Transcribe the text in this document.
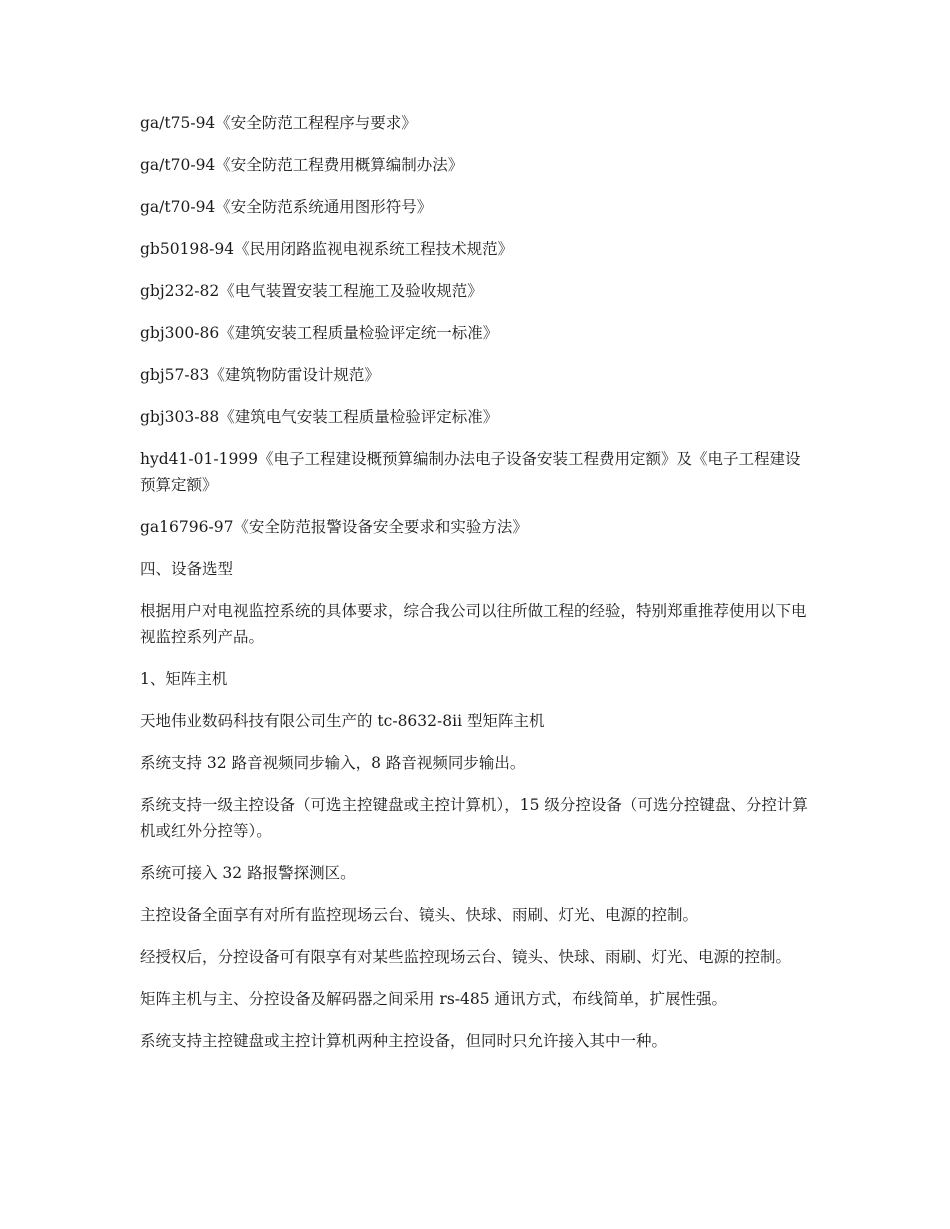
ga/t75-94《安全防范工程程序与要求》

ga/t70-94《安全防范工程费用概算编制办法》

ga/t70-94《安全防范系统通用图形符号》

gb50198-94《民用闭路监视电视系统工程技术规范》

gbj232-82《电气装置安装工程施工及验收规范》

gbj300-86《建筑安装工程质量检验评定统一标准》

gbj57-83《建筑物防雷设计规范》

gbj303-88《建筑电气安装工程质量检验评定标准》

hyd41-01-1999《电子工程建设概预算编制办法电子设备安装工程费用定额》及《电子工程建设预算定额》

ga16796-97《安全防范报警设备安全要求和实验方法》

四、设备选型

根据用户对电视监控系统的具体要求，综合我公司以往所做工程的经验，特别郑重推荐使用以下电视监控系列产品。

1、矩阵主机

天地伟业数码科技有限公司生产的 tc-8632-8ii 型矩阵主机

系统支持 32 路音视频同步输入，8 路音视频同步输出。

系统支持一级主控设备（可选主控键盘或主控计算机），15 级分控设备（可选分控键盘、分控计算机或红外分控等）。

系统可接入 32 路报警探测区。

主控设备全面享有对所有监控现场云台、镜头、快球、雨刷、灯光、电源的控制。

经授权后，分控设备可有限享有对某些监控现场云台、镜头、快球、雨刷、灯光、电源的控制。

矩阵主机与主、分控设备及解码器之间采用 rs-485 通讯方式，布线简单，扩展性强。

系统支持主控键盘或主控计算机两种主控设备，但同时只允许接入其中一种。
